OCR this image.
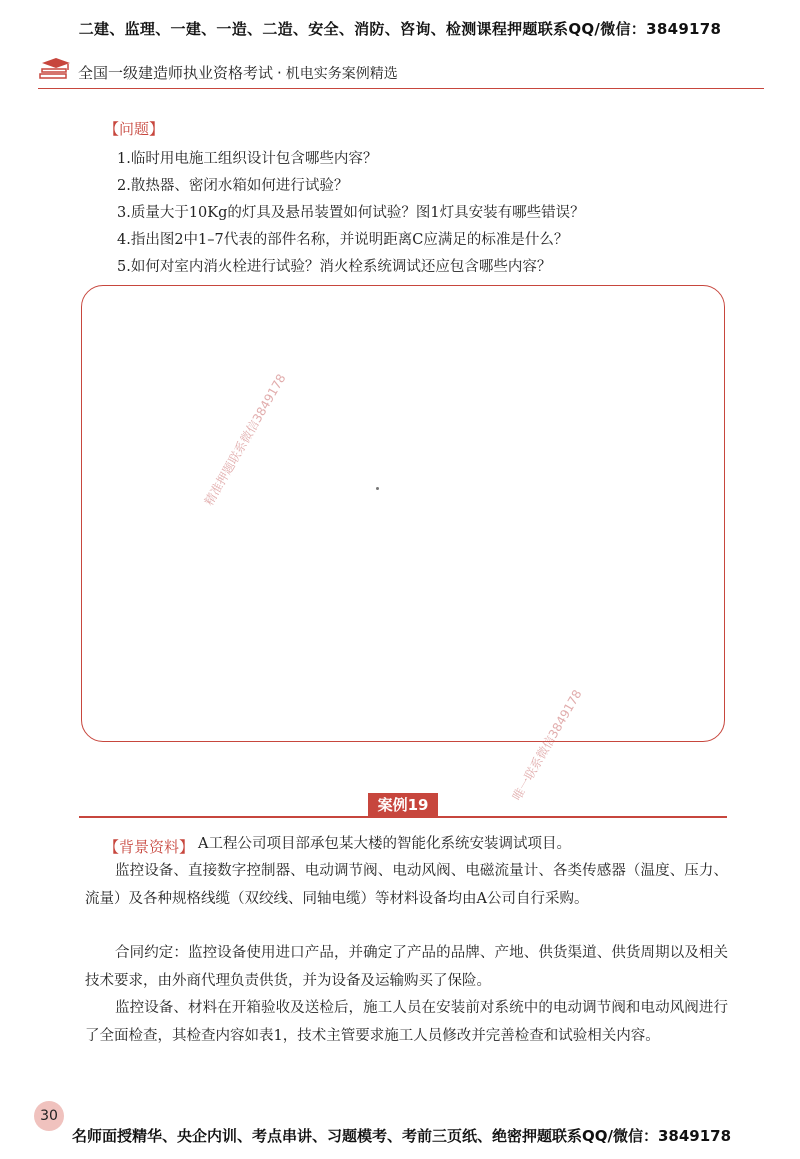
二建、监理、一建、一造、二造、安全、消防、咨询、检测课程押题联系QQ/微信：3849178
全国一级建造师执业资格考试 · 机电实务案例精选
【问题】
1.临时用电施工组织设计包含哪些内容？
2.散热器、密闭水箱如何进行试验？
3.质量大于10Kg的灯具及悬吊装置如何试验？图1灯具安装有哪些错误？
4.指出图2中1–7代表的部件名称，并说明距离C应满足的标准是什么？
5.如何对室内消火栓进行试验？消火栓系统调试还应包含哪些内容？
精准押题联系微信3849178
唯一联系微信3849178
案例19
【背景资料】 A工程公司项目部承包某大楼的智能化系统安装调试项目。

监控设备、直接数字控制器、电动调节阀、电动风阀、电磁流量计、各类传感器（温度、压力、流量）及各种规格线缆（双绞线、同轴电缆）等材料设备均由A公司自行采购。

合同约定：监控设备使用进口产品，并确定了产品的品牌、产地、供货渠道、供货周期以及相关技术要求，由外商代理负责供货，并为设备及运输购买了保险。

监控设备、材料在开箱验收及送检后，施工人员在安装前对系统中的电动调节阀和电动风阀进行了全面检查，其检查内容如表1，技术主管要求施工人员修改并完善检查和试验相关内容。

30
名师面授精华、央企内训、考点串讲、习题模考、考前三页纸、绝密押题联系QQ/微信：3849178
